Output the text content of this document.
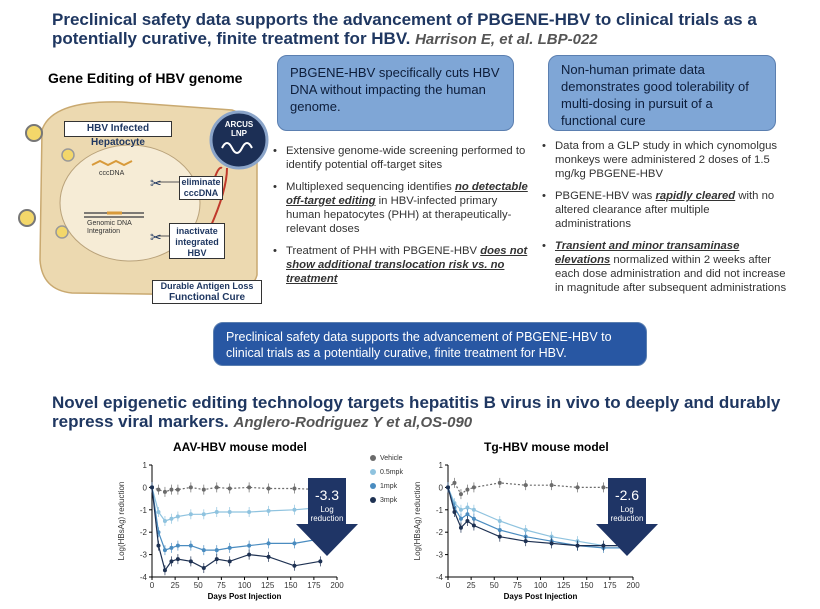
Preclinical safety data supports the advancement of PBGENE-HBV to clinical trials as a
potentially curative, finite treatment for HBV. Harrison E, et al. LBP-022
Gene Editing of HBV genome
✂
✂
HBV Infected Hepatocyte
ARCUS LNP
cccDNA
Genomic DNA
Integration
eliminate cccDNA
inactivate integrated HBV
Durable Antigen Loss
Functional Cure
PBGENE-HBV specifically cuts HBV DNA without impacting the human genome.
Non-human primate data demonstrates good tolerability of multi-dosing in pursuit of a functional cure
• Extensive genome-wide screening performed to identify potential off-target sites
• Multiplexed sequencing identifies no detectable off-target editing in HBV-infected primary human hepatocytes (PHH) at therapeutically-relevant doses
• Treatment of PHH with PBGENE-HBV does not show additional translocation risk vs. no treatment
• Data from a GLP study in which cynomolgus monkeys were administered 2 doses of 1.5 mg/kg PBGENE-HBV
• PBGENE-HBV was rapidly cleared with no altered clearance after multiple administrations
• Transient and minor transaminase elevations normalized within 2 weeks after each dose administration and did not increase in magnitude after subsequent administrations
Preclinical safety data supports the advancement of PBGENE-HBV to clinical trials as a potentially curative, finite treatment for HBV.
Novel epigenetic editing technology targets hepatitis B virus in vivo to deeply and durably
repress viral markers. Anglero-Rodriguez Y et al,OS-090
AAV-HBV mouse model
1
0
-1
-2
-3
-4
0 25 50 75 100 125 150 175 200
Days Post Injection
Log(HBsAg) reduction
Vehicle
0.5mpk
1mpk
3mpk
Tg-HBV mouse model
1
0
-1
-2
-3
-4
0 25 50 75 100 125 150 175 200
Days Post Injection
Log(HBsAg) reduction
-3.3
Log
reduction
-2.6
Log
reduction
